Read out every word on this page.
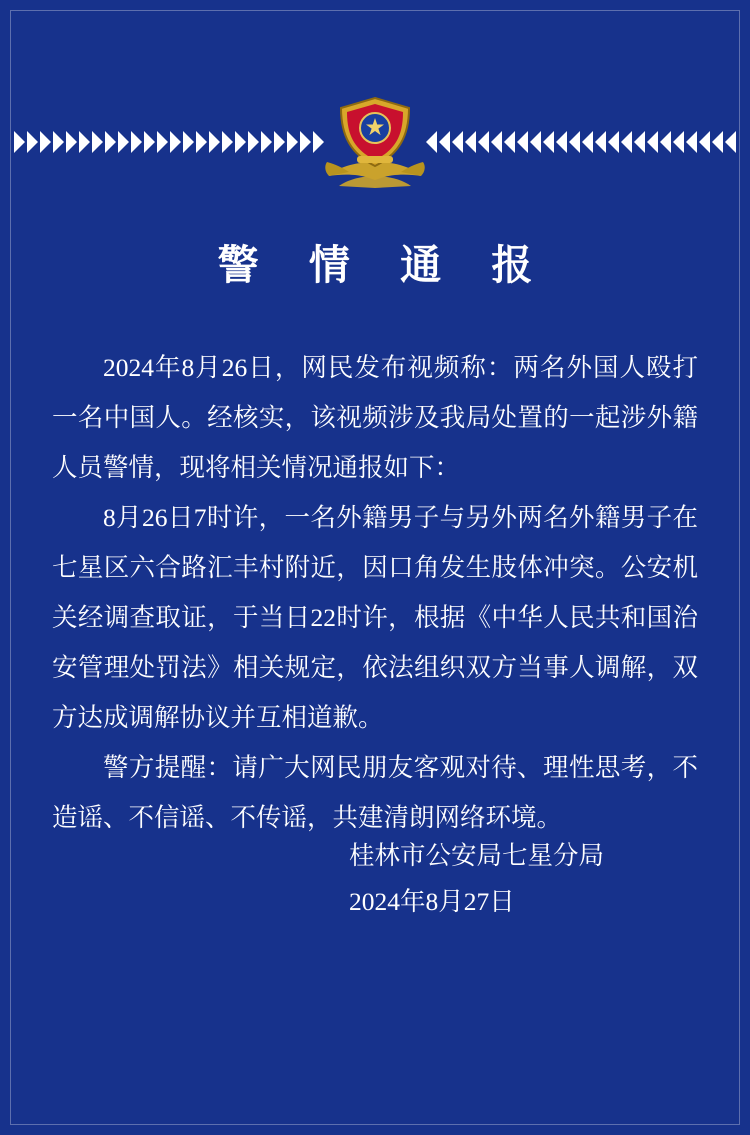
警 情 通 报

2024年8月26日，网民发布视频称：两名外国人殴打一名中国人。经核实，该视频涉及我局处置的一起涉外籍人员警情，现将相关情况通报如下：

8月26日7时许，一名外籍男子与另外两名外籍男子在七星区六合路汇丰村附近，因口角发生肢体冲突。公安机关经调查取证，于当日22时许，根据《中华人民共和国治安管理处罚法》相关规定，依法组织双方当事人调解，双方达成调解协议并互相道歉。

警方提醒：请广大网民朋友客观对待、理性思考，不造谣、不信谣、不传谣，共建清朗网络环境。

桂林市公安局七星分局
2024年8月27日
